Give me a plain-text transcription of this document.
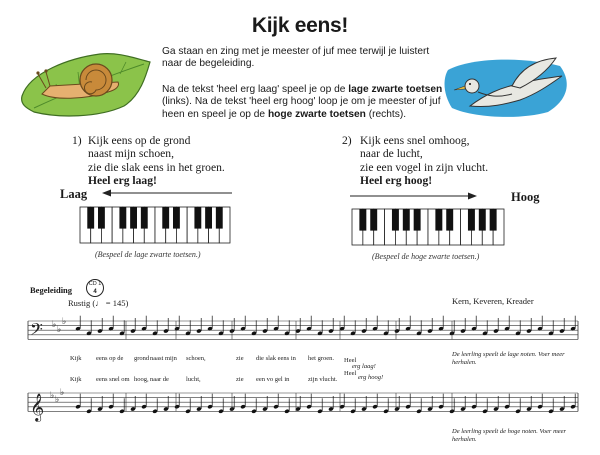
Kijk eens!
Ga staan en zing met je meester of juf mee terwijl je luistert naar de begeleiding.
Na de tekst 'heel erg laag' speel je op de lage zwarte toetsen (links). Na de tekst 'heel erg hoog' loop je om je meester of juf heen en speel je op de hoge zwarte toetsen (rechts).
1) Kijk eens op de grond
naast mijn schoen,
zie die slak eens in het groen.
Heel erg laag!
2) Kijk eens snel omhoog,
naar de lucht,
zie een vogel in zijn vlucht.
Heel erg hoog!
Laag	Hoog
𝄢
𝄞
♭ ♭
♭
♭ ♭
♭
(Bespeel de lage zwarte toetsen.)	(Bespeel de hoge zwarte toetsen.)
Begeleiding
CD 1
4
Rustig (♩ = 145)	Kern, Keveren, Kreader
Kijk eens op de grond naast mijn schoen,	zie die slak eens in het groen. Heel
erg laag!
De leerling speelt de lage noten. Voer meer herhalen.
Kijk eens snel om hoog, naar de	lucht,	zie een vo gel in	zijn vlucht.
Heel
erg hoog!
De leerling speelt de hoge noten. Voer meer herhalen.
